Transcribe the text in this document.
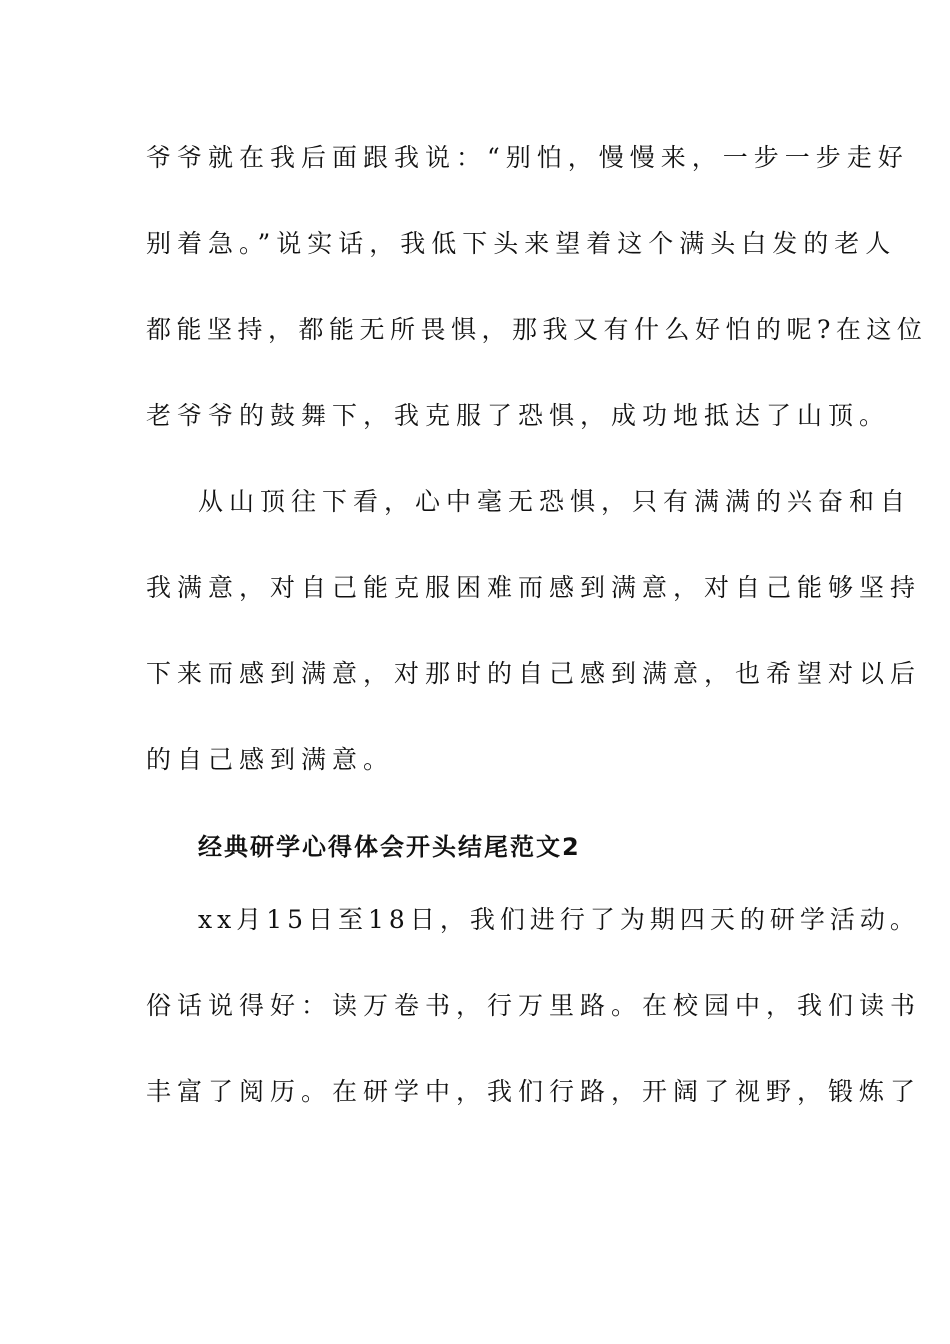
爷爷就在我后面跟我说：“别怕，慢慢来，一步一步走好
别着急。”说实话，我低下头来望着这个满头白发的老人
都能坚持，都能无所畏惧，那我又有什么好怕的呢?在这位
老爷爷的鼓舞下，我克服了恐惧，成功地抵达了山顶。
从山顶往下看，心中毫无恐惧，只有满满的兴奋和自
我满意，对自己能克服困难而感到满意，对自己能够坚持
下来而感到满意，对那时的自己感到满意，也希望对以后
的自己感到满意。
经典研学心得体会开头结尾范文2
xx月15日至18日，我们进行了为期四天的研学活动。
俗话说得好：读万卷书，行万里路。在校园中，我们读书
丰富了阅历。在研学中，我们行路，开阔了视野，锻炼了
